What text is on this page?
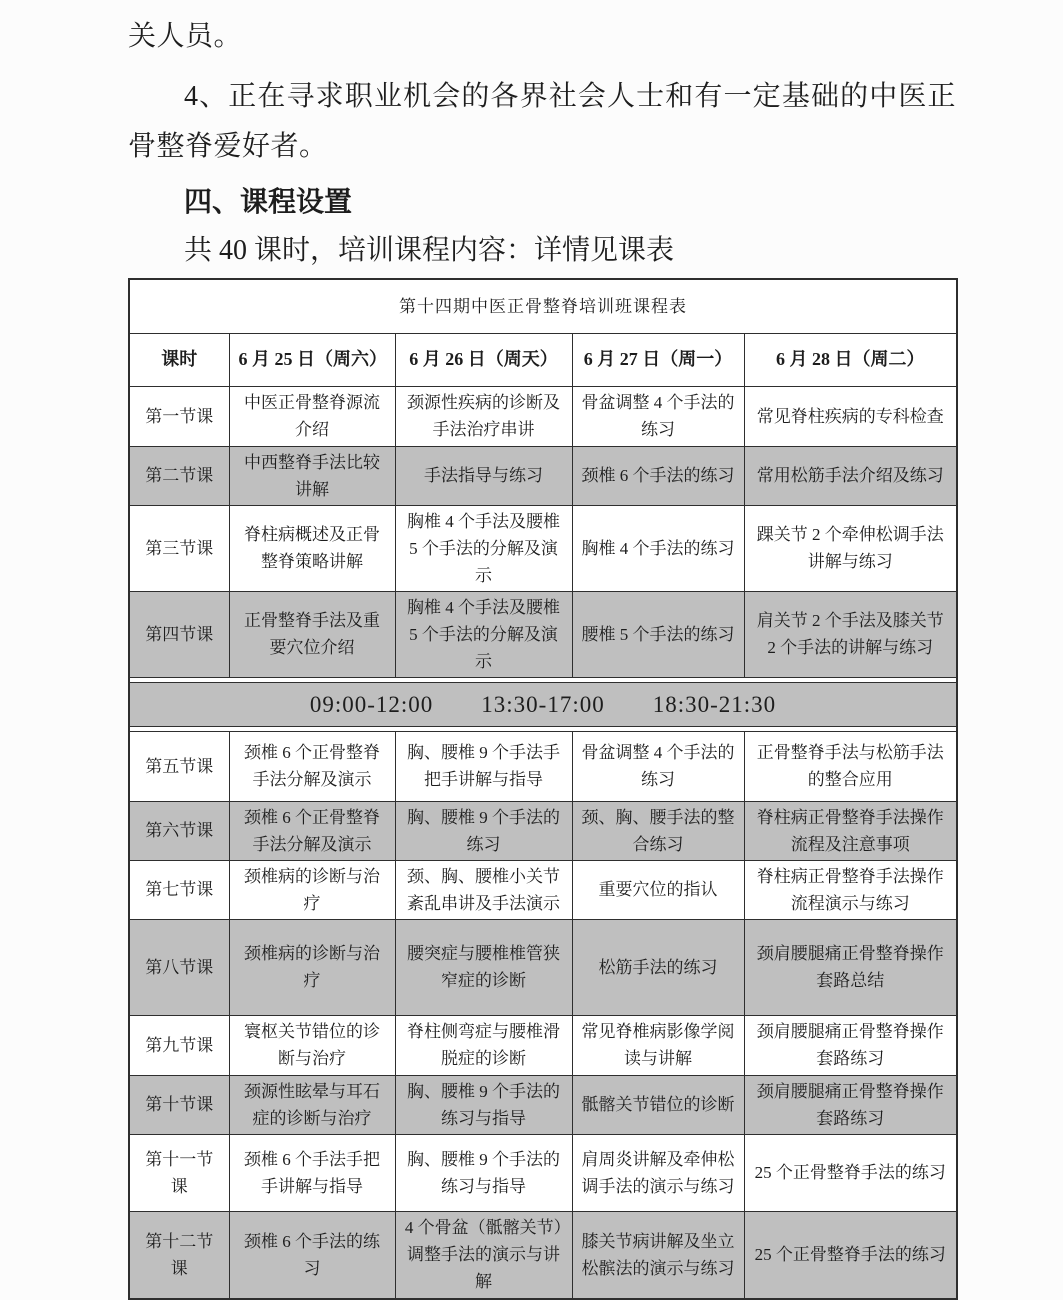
关人员。

4、正在寻求职业机会的各界社会人士和有一定基础的中医正骨整脊爱好者。

四、课程设置

共 40 课时，培训课程内容：详情见课表

第十四期中医正骨整脊培训班课程表				
课时	6 月 25 日（周六）	6 月 26 日（周天）	6 月 27 日（周一）	6 月 28 日（周二）
第一节课	中医正骨整脊源流介绍	颈源性疾病的诊断及手法治疗串讲	骨盆调整 4 个手法的练习	常见脊柱疾病的专科检查
第二节课	中西整脊手法比较讲解	手法指导与练习	颈椎 6 个手法的练习	常用松筋手法介绍及练习
第三节课	脊柱病概述及正骨整脊策略讲解	胸椎 4 个手法及腰椎 5 个手法的分解及演示	胸椎 4 个手法的练习	踝关节 2 个牵伸松调手法讲解与练习
第四节课	正骨整脊手法及重要穴位介绍	胸椎 4 个手法及腰椎 5 个手法的分解及演示	腰椎 5 个手法的练习	肩关节 2 个手法及膝关节 2 个手法的讲解与练习

09:00-12:00　　13:30-17:00　　18:30-21:30				

第五节课	颈椎 6 个正骨整脊手法分解及演示	胸、腰椎 9 个手法手把手讲解与指导	骨盆调整 4 个手法的练习	正骨整脊手法与松筋手法的整合应用
第六节课	颈椎 6 个正骨整脊手法分解及演示	胸、腰椎 9 个手法的练习	颈、胸、腰手法的整合练习	脊柱病正骨整脊手法操作流程及注意事项
第七节课	颈椎病的诊断与治疗	颈、胸、腰椎小关节紊乱串讲及手法演示	重要穴位的指认	脊柱病正骨整脊手法操作流程演示与练习
第八节课	颈椎病的诊断与治疗	腰突症与腰椎椎管狭窄症的诊断	松筋手法的练习	颈肩腰腿痛正骨整脊操作套路总结
第九节课	寰枢关节错位的诊断与治疗	脊柱侧弯症与腰椎滑脱症的诊断	常见脊椎病影像学阅读与讲解	颈肩腰腿痛正骨整脊操作套路练习
第十节课	颈源性眩晕与耳石症的诊断与治疗	胸、腰椎 9 个手法的练习与指导	骶髂关节错位的诊断	颈肩腰腿痛正骨整脊操作套路练习
第十一节课	颈椎 6 个手法手把手讲解与指导	胸、腰椎 9 个手法的练习与指导	肩周炎讲解及牵伸松调手法的演示与练习	25 个正骨整脊手法的练习
第十二节课	颈椎 6 个手法的练习	4 个骨盆（骶髂关节）调整手法的演示与讲解	膝关节病讲解及坐立松髌法的演示与练习	25 个正骨整脊手法的练习
